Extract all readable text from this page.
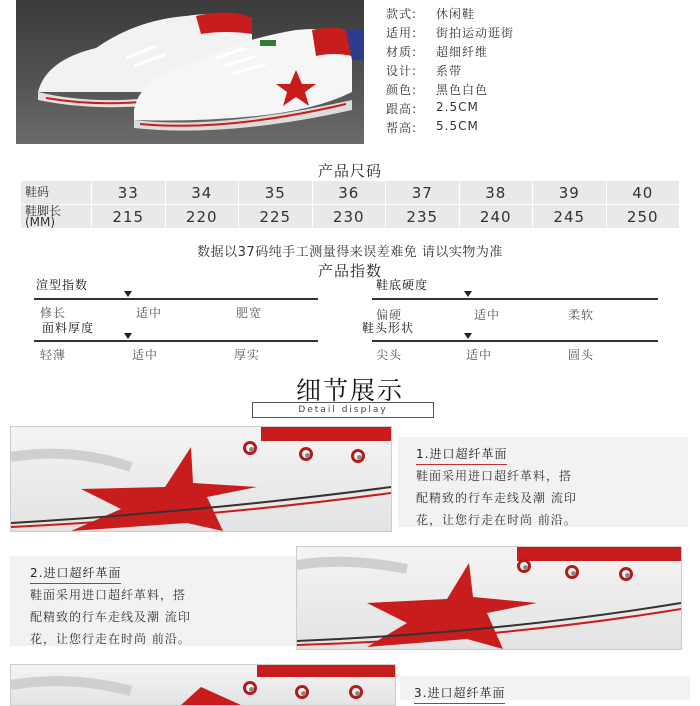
款式:	休闲鞋
适用:	街拍运动逛街
材质:	超细纤维
设计:	系带
颜色:	黑色白色
跟高:	2.5CM
帮高:	5.5CM
产品尺码
鞋码	33	34	35	36	37	38	39	40
鞋脚长
(MM)	215	220	225	230	235	240	245	250
数据以37码纯手工测量得来误差难免 请以实物为准
产品指数
渲型指数
修长	适中	肥宽
鞋底硬度
偏硬	适中	柔软
面料厚度
轻薄	适中	厚实
鞋头形状
尖头	适中	圆头
细节展示
Detail display
1.进口超纤革面
鞋面采用进口超纤革料，搭
配精致的行车走线及潮 流印
花，让您行走在时尚 前沿。
2.进口超纤革面
鞋面采用进口超纤革料，搭
配精致的行车走线及潮 流印
花，让您行走在时尚 前沿。
3.进口超纤革面
